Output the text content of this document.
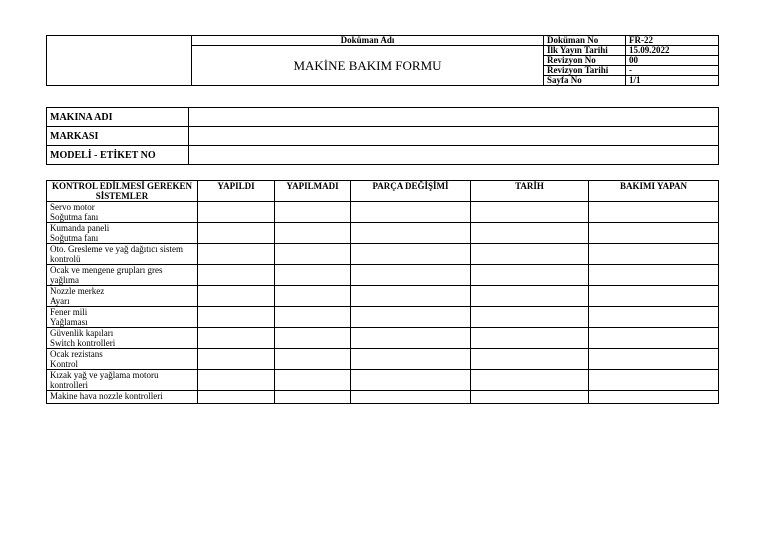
	Doküman Adı	Doküman No	FR-22
	MAKİNE BAKIM FORMU	İlk Yayın Tarihi	15.09.2022
		Revizyon No	00
		Revizyon Tarihi	-
		Sayfa No	1/1
MAKINA ADI	
MARKASI	
MODELİ - ETİKET NO	
KONTROL EDİLMESİ GEREKEN SİSTEMLER	YAPILDI	YAPILMADI	PARÇA DEĞİŞİMİ	TARİH	BAKIMI YAPAN

Servo motor
Soğutma fanı					

Kumanda paneli
Soğutma fanı					

Oto. Gresleme ve yağ dağıtıcı sistem
kontrolü					

Ocak ve mengene grupları gres
yağlıma					

Nozzle merkez
Ayarı					

Fener mili
Yağlaması					

Güvenlik kapıları
Switch kontrolleri					

Ocak rezistans
Kontrol					

Kızak yağ ve yağlama motoru
kontrolleri					

Makine hava nozzle kontrolleri					
